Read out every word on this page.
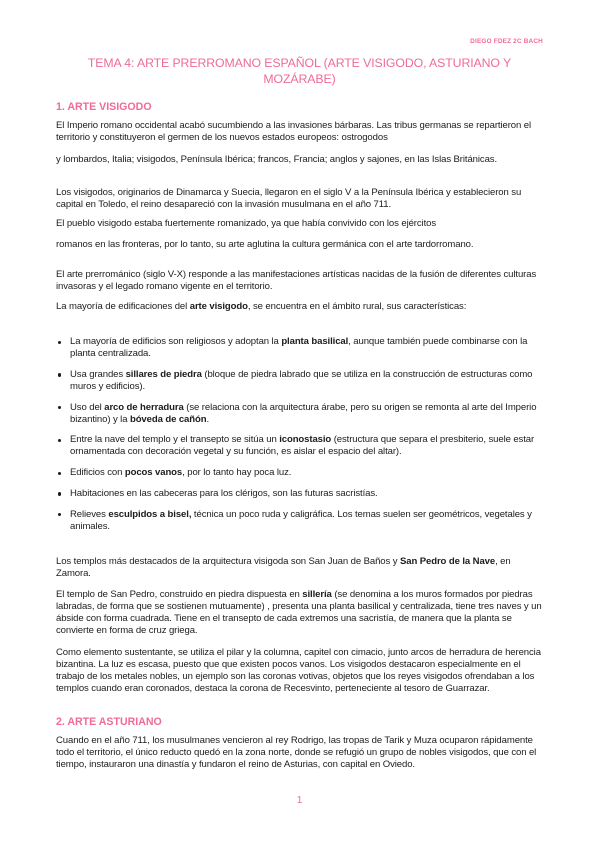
DIEGO FDEZ 2C BACH
TEMA 4: ARTE PRERROMANO ESPAÑOL (ARTE VISIGODO, ASTURIANO Y MOZÁRABE)
1. ARTE VISIGODO
El Imperio romano occidental acabó sucumbiendo a las invasiones bárbaras. Las tribus germanas se repartieron el territorio y constituyeron el germen de los nuevos estados europeos: ostrogodos
y lombardos, Italia; visigodos, Península Ibérica; francos, Francia; anglos y sajones, en las Islas Británicas.
Los visigodos, originarios de Dinamarca y Suecia, llegaron en el siglo V a la Península Ibérica y establecieron su capital en Toledo, el reino desapareció con la invasión musulmana en el año 711.
El pueblo visigodo estaba fuertemente romanizado, ya que había convivido con los ejércitos
romanos en las fronteras, por lo tanto, su arte aglutina la cultura germánica con el arte tardorromano.
El arte prerrománico (siglo V-X) responde a las manifestaciones artísticas nacidas de la fusión de diferentes culturas invasoras y el legado romano vigente en el territorio.
La mayoría de edificaciones del arte visigodo, se encuentra en el ámbito rural, sus características:
La mayoría de edificios son religiosos y adoptan la planta basilical, aunque también puede combinarse con la planta centralizada.
Usa grandes sillares de piedra (bloque de piedra labrado que se utiliza en la construcción de estructuras como muros y edificios).
Uso del arco de herradura (se relaciona con la arquitectura árabe, pero su origen se remonta al arte del Imperio bizantino) y la bóveda de cañón.
Entre la nave del templo y el transepto se sitúa un iconostasio (estructura que separa el presbiterio, suele estar ornamentada con decoración vegetal y su función, es aislar el espacio del altar).
Edificios con pocos vanos, por lo tanto hay poca luz.
Habitaciones en las cabeceras para los clérigos, son las futuras sacristías.
Relieves esculpidos a bisel, técnica un poco ruda y caligráfica. Los temas suelen ser geométricos, vegetales y animales.
Los templos más destacados de la arquitectura visigoda son San Juan de Baños y San Pedro de la Nave, en Zamora.
El templo de San Pedro, construido en piedra dispuesta en sillería (se denomina a los muros formados por piedras labradas, de forma que se sostienen mutuamente) , presenta una planta basilical y centralizada, tiene tres naves y un ábside con forma cuadrada. Tiene en el transepto de cada extremos una sacristía, de manera que la planta se convierte en forma de cruz griega.
Como elemento sustentante, se utiliza el pilar y la columna, capitel con cimacio, junto arcos de herradura de herencia bizantina. La luz es escasa, puesto que que existen pocos vanos. Los visigodos destacaron especialmente en el trabajo de los metales nobles, un ejemplo son las coronas votivas, objetos que los reyes visigodos ofrendaban a los templos cuando eran coronados, destaca la corona de Recesvinto, perteneciente al tesoro de Guarrazar.
2. ARTE ASTURIANO
Cuando en el año 711, los musulmanes vencieron al rey Rodrigo, las tropas de Tarik y Muza ocuparon rápidamente todo el territorio, el único reducto quedó en la zona norte, donde se refugió un grupo de nobles visigodos, que con el tiempo, instauraron una dinastía y fundaron el reino de Asturias, con capital en Oviedo.
1
